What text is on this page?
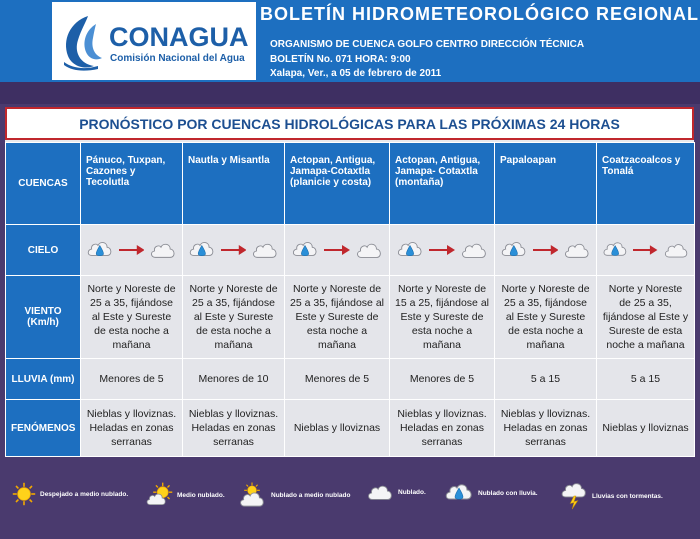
CONAGUA
Comisión Nacional del Agua
BOLETÍN HIDROMETEOROLÓGICO REGIONAL
ORGANISMO DE CUENCA GOLFO CENTRO DIRECCIÓN TÉCNICA
BOLETÍN No. 071 HORA: 9:00
Xalapa, Ver., a 05 de febrero de 2011
PRONÓSTICO POR CUENCAS HIDROLÓGICAS PARA LAS PRÓXIMAS 24 HORAS
CUENCAS	Pánuco, Tuxpan, Cazones y Tecolutla	Nautla y Misantla	Actopan, Antigua, Jamapa-Cotaxtla (planicie y costa)	Actopan, Antigua, Jamapa- Cotaxtla (montaña)	Papaloapan	Coatzacoalcos y Tonalá
CIELO	

VIENTO (Km/h)	Norte y Noreste de 25 a 35, fijándose al Este y Sureste de esta noche a mañana	Norte y Noreste de 25 a 35, fijándose al Este y Sureste de esta noche a mañana	Norte y Noreste de 25 a 35, fijándose al Este y Sureste de esta noche a mañana	Norte y Noreste de 15 a 25, fijándose al Este y Sureste de esta noche a mañana	Norte y Noreste de 25 a 35, fijándose al Este y Sureste de esta noche a mañana	Norte y Noreste de 25 a 35, fijándose al Este y Sureste de esta noche a mañana
LLUVIA (mm)	Menores de 5	Menores de 10	Menores de 5	Menores de 5	5 a 15	5 a 15
FENÓMENOS	Nieblas y lloviznas. Heladas en zonas serranas	Nieblas y lloviznas. Heladas en zonas serranas	Nieblas y lloviznas	Nieblas y lloviznas. Heladas en zonas serranas	Nieblas y lloviznas. Heladas en zonas serranas	Nieblas y lloviznas
Despejado a medio nublado.	Medio nublado.	Nublado a medio nublado	Nublado.	Nublado con lluvia.	Lluvias con tormentas.
